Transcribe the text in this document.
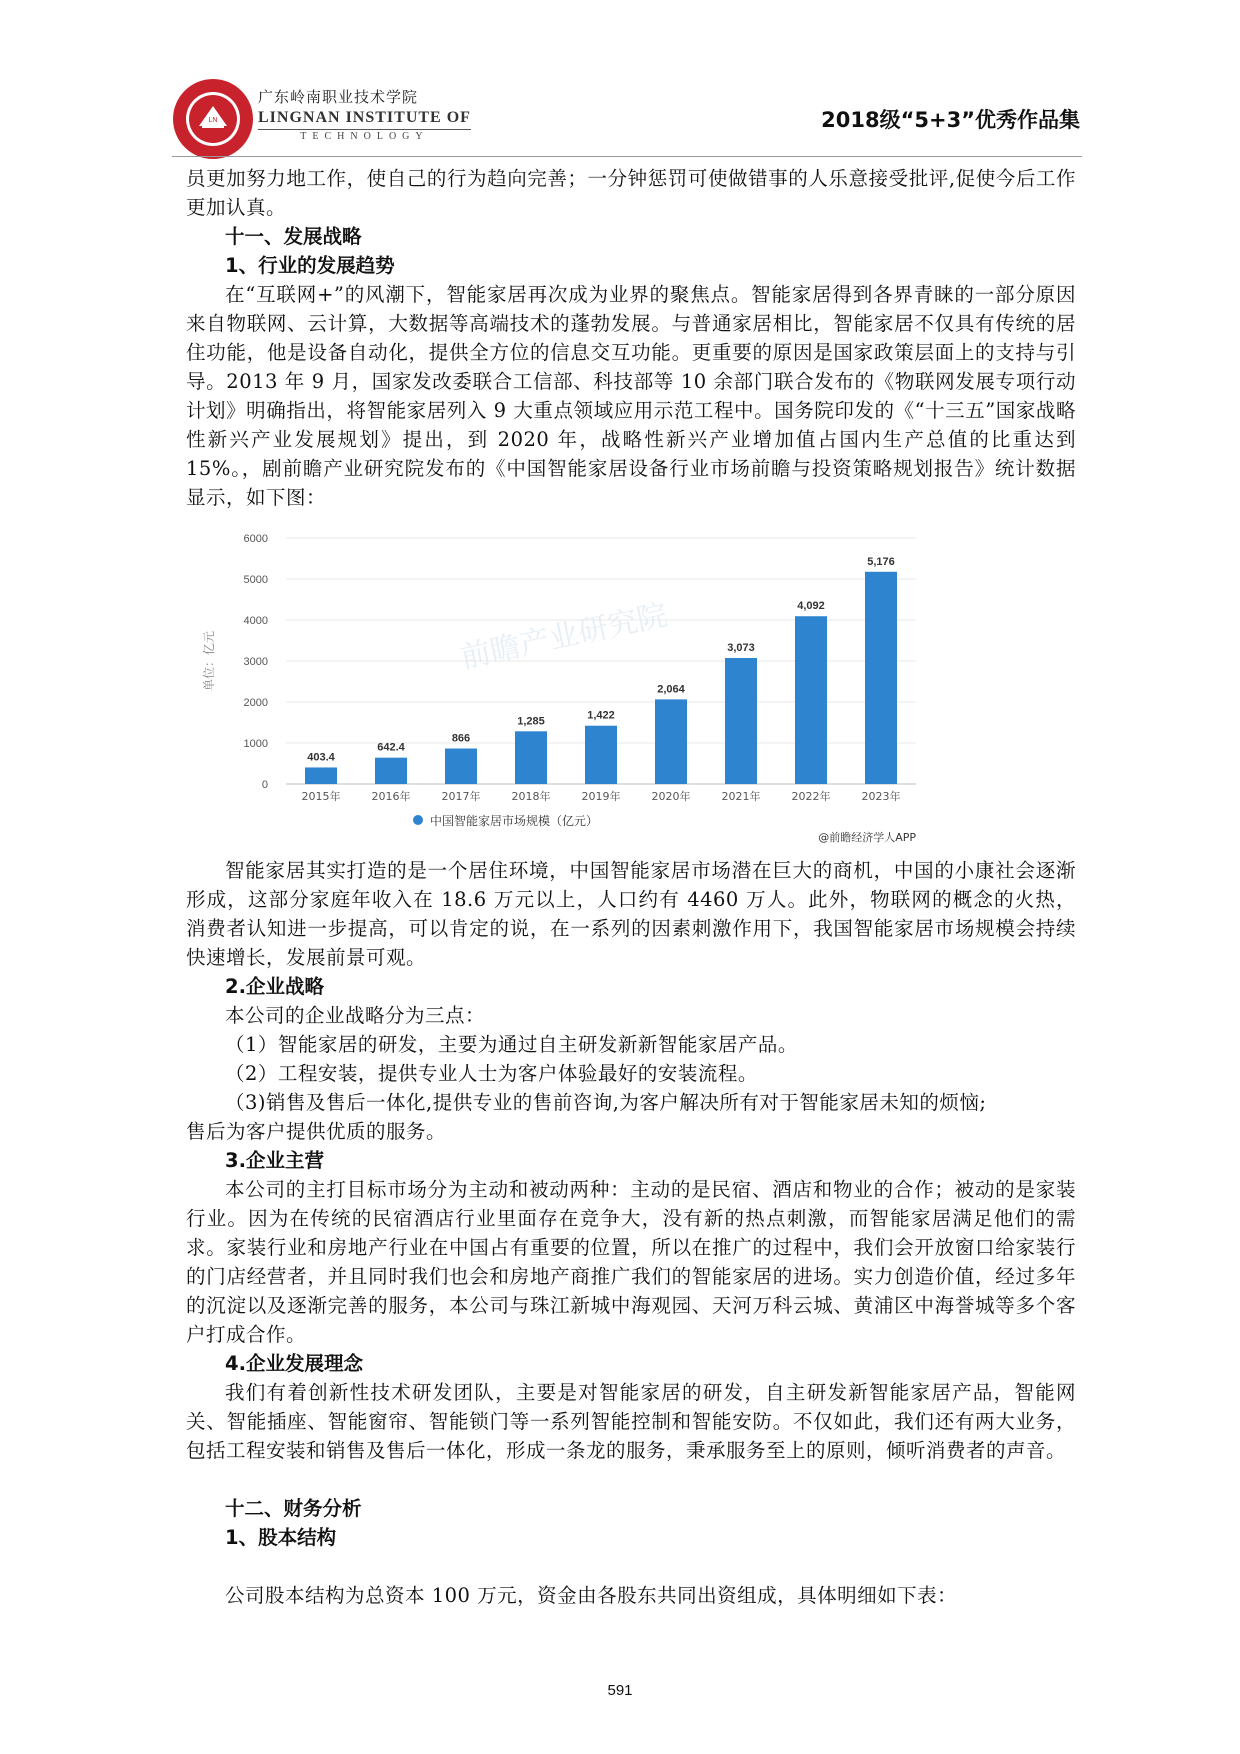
LN
广东岭南职业技术学院
LINGNAN INSTITUTE OF
TECHNOLOGY
2018级“5+3”优秀作品集

员更加努力地工作，使自己的行为趋向完善；一分钟惩罚可使做错事的人乐意接受批评,促使今后工作更加认真。

十一、发展战略
1、行业的发展趋势

在“互联网+”的风潮下，智能家居再次成为业界的聚焦点。智能家居得到各界青睐的一部分原因来自物联网、云计算，大数据等高端技术的蓬勃发展。与普通家居相比，智能家居不仅具有传统的居住功能，他是设备自动化，提供全方位的信息交互功能。更重要的原因是国家政策层面上的支持与引导。2013 年 9 月，国家发改委联合工信部、科技部等 10 余部门联合发布的《物联网发展专项行动计划》明确指出，将智能家居列入 9 大重点领域应用示范工程中。国务院印发的《“十三五”国家战略性新兴产业发展规划》提出，到 2020 年，战略性新兴产业增加值占国内生产总值的比重达到 15%。，剧前瞻产业研究院发布的《中国智能家居设备行业市场前瞻与投资策略规划报告》统计数据显示，如下图：

前瞻产业研究院
0
1000
2000
3000
4000
5000
6000
单位：亿元
403.4
2015年
642.4
2016年
866
2017年
1,285
2018年
1,422
2019年
2,064
2020年
3,073
2021年
4,092
2022年
5,176
2023年
中国智能家居市场规模（亿元）
@前瞻经济学人APP

智能家居其实打造的是一个居住环境，中国智能家居市场潜在巨大的商机，中国的小康社会逐渐形成，这部分家庭年收入在 18.6 万元以上，人口约有 4460 万人。此外，物联网的概念的火热， 消费者认知进一步提高，可以肯定的说，在一系列的因素刺激作用下，我国智能家居市场规模会持续快速增长，发展前景可观。

2.企业战略

本公司的企业战略分为三点：

（1）智能家居的研发，主要为通过自主研发新新智能家居产品。

（2）工程安装，提供专业人士为客户体验最好的安装流程。

（3)销售及售后一体化,提供专业的售前咨询,为客户解决所有对于智能家居未知的烦恼;

售后为客户提供优质的服务。

3.企业主营

本公司的主打目标市场分为主动和被动两种：主动的是民宿、酒店和物业的合作；被动的是家装行业。因为在传统的民宿酒店行业里面存在竞争大，没有新的热点刺激，而智能家居满足他们的需求。家装行业和房地产行业在中国占有重要的位置，所以在推广的过程中，我们会开放窗口给家装行的门店经营者，并且同时我们也会和房地产商推广我们的智能家居的进场。实力创造价值，经过多年的沉淀以及逐渐完善的服务，本公司与珠江新城中海观园、天河万科云城、黄浦区中海誉城等多个客户打成合作。

4.企业发展理念

我们有着创新性技术研发团队，主要是对智能家居的研发，自主研发新智能家居产品，智能网关、智能插座、智能窗帘、智能锁门等一系列智能控制和智能安防。不仅如此，我们还有两大业务，包括工程安装和销售及售后一体化，形成一条龙的服务，秉承服务至上的原则，倾听消费者的声音。

十二、财务分析
1、股本结构

公司股本结构为总资本 100 万元，资金由各股东共同出资组成，具体明细如下表：

591
